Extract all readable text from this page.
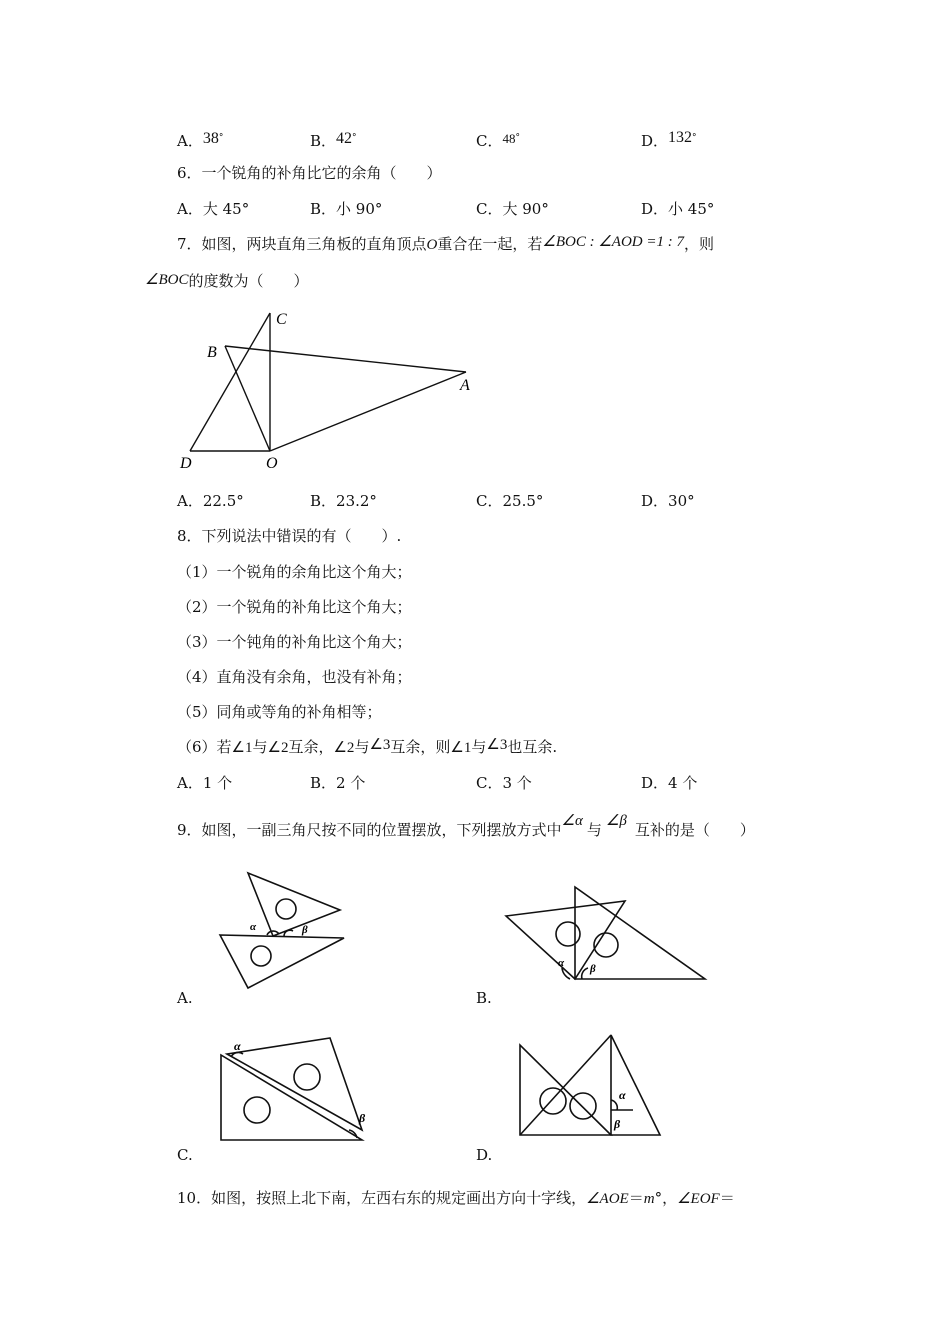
A．38°	B．42°	C．48°	D．132°
6．一个锐角的补角比它的余角（　　）
A．大 45°	B．小 90°	C．大 90°	D．小 45°
7．如图，两块直角三角板的直角顶点O重合在一起，若∠BOC : ∠AOD =1 : 7，则
∠BOC的度数为（　　）
C
B
A
D	O
A．22.5°	B．23.2°	C．25.5°	D．30°
8．下列说法中错误的有（　　）.
（1）一个锐角的余角比这个角大；
（2）一个锐角的补角比这个角大；
（3）一个钝角的补角比这个角大；
（4）直角没有余角，也没有补角；
（5）同角或等角的补角相等；
（6）若∠1与∠2互余，∠2与∠3互余，则∠1与∠3也互余.
A．1 个	B．2 个	C．3 个	D．4 个
9．如图，一副三角尺按不同的位置摆放，下列摆放方式中∠α 与 ∠β 互补的是（　　）
α	β
A.
α β
B.
α
β
C.
α
β
D.
10．如图，按照上北下南，左西右东的规定画出方向十字线，∠AOE＝m°，∠EOF＝
